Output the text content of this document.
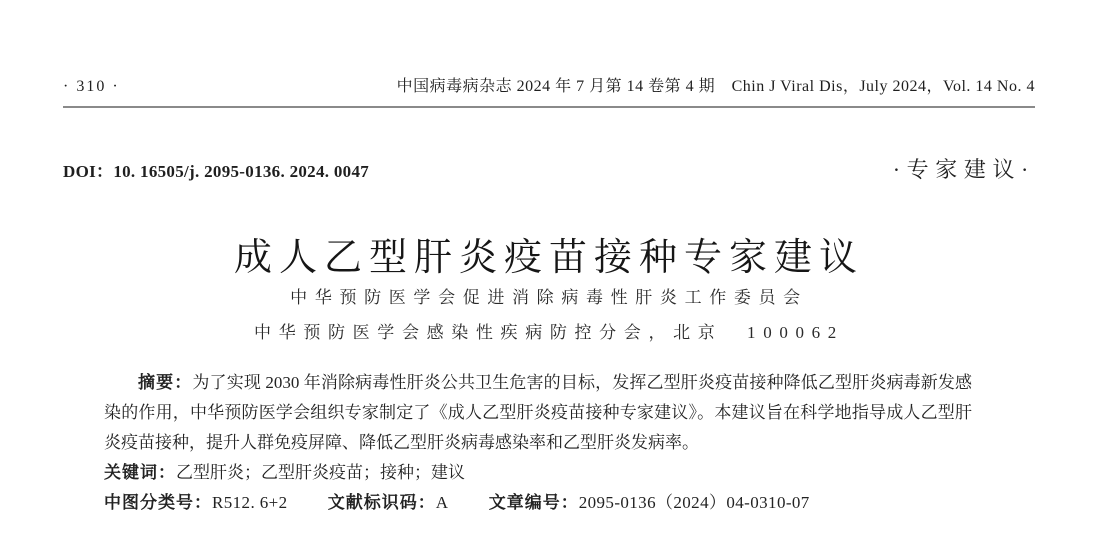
· 310 ·	中国病毒病杂志 2024 年 7 月第 14 卷第 4 期　Chin J Viral Dis，July 2024，Vol. 14 No. 4
DOI：10. 16505/j. 2095-0136. 2024. 0047	·专家建议·
成人乙型肝炎疫苗接种专家建议
中华预防医学会促进消除病毒性肝炎工作委员会
中华预防医学会感染性疾病防控分会，北京　100062

摘要：为了实现 2030 年消除病毒性肝炎公共卫生危害的目标，发挥乙型肝炎疫苗接种降低乙型肝炎病毒新发感染的作用，中华预防医学会组织专家制定了《成人乙型肝炎疫苗接种专家建议》。本建议旨在科学地指导成人乙型肝炎疫苗接种，提升人群免疫屏障、降低乙型肝炎病毒感染率和乙型肝炎发病率。

关键词：乙型肝炎；乙型肝炎疫苗；接种；建议

中图分类号：R512. 6+2 文献标识码：A 文章编号：2095-0136（2024）04-0310-07
